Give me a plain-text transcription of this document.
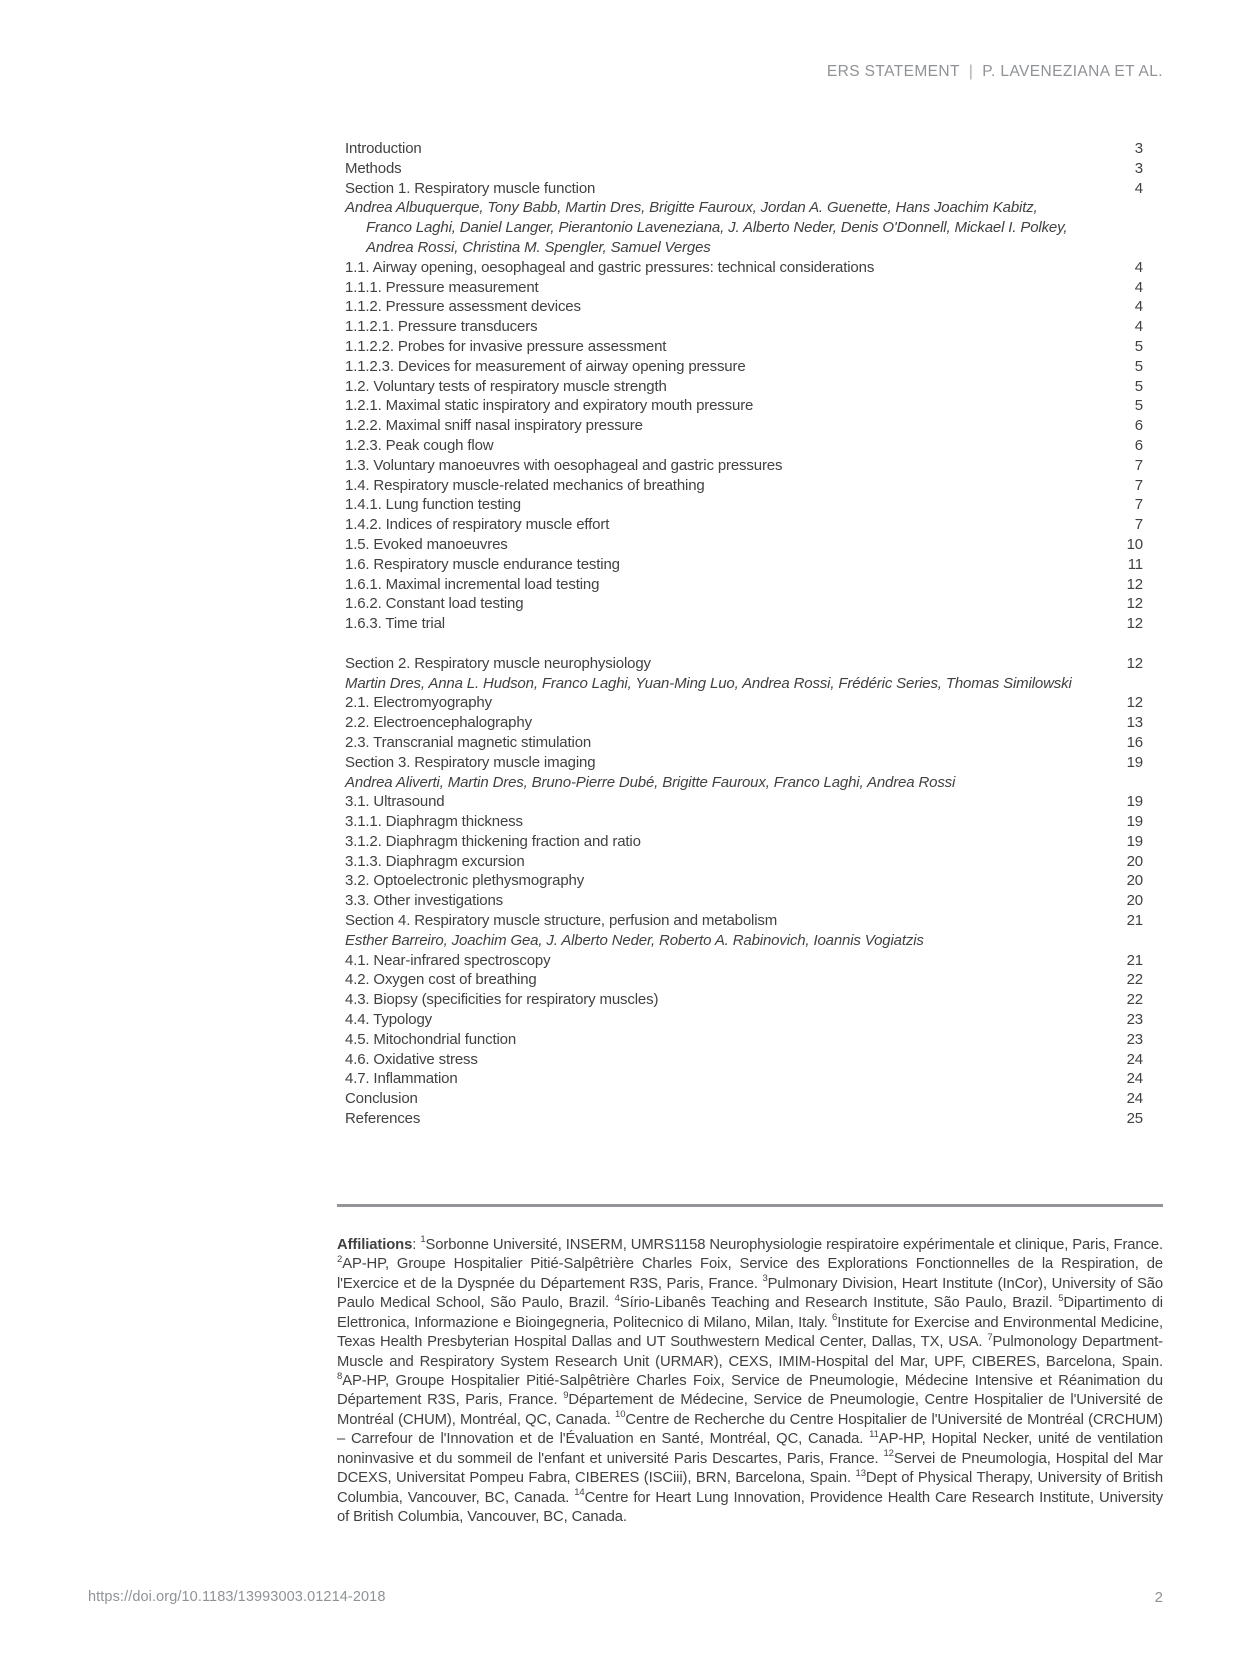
ERS STATEMENT | P. LAVENEZIANA ET AL.
Introduction	3
Methods	3
Section 1. Respiratory muscle function	4
Andrea Albuquerque, Tony Babb, Martin Dres, Brigitte Fauroux, Jordan A. Guenette, Hans Joachim Kabitz,
Franco Laghi, Daniel Langer, Pierantonio Laveneziana, J. Alberto Neder, Denis O'Donnell, Mickael I. Polkey,
Andrea Rossi, Christina M. Spengler, Samuel Verges
1.1. Airway opening, oesophageal and gastric pressures: technical considerations	4
1.1.1. Pressure measurement	4
1.1.2. Pressure assessment devices	4
1.1.2.1. Pressure transducers	4
1.1.2.2. Probes for invasive pressure assessment	5
1.1.2.3. Devices for measurement of airway opening pressure	5
1.2. Voluntary tests of respiratory muscle strength	5
1.2.1. Maximal static inspiratory and expiratory mouth pressure	5
1.2.2. Maximal sniff nasal inspiratory pressure	6
1.2.3. Peak cough flow	6
1.3. Voluntary manoeuvres with oesophageal and gastric pressures	7
1.4. Respiratory muscle-related mechanics of breathing	7
1.4.1. Lung function testing	7
1.4.2. Indices of respiratory muscle effort	7
1.5. Evoked manoeuvres	10
1.6. Respiratory muscle endurance testing	11
1.6.1. Maximal incremental load testing	12
1.6.2. Constant load testing	12
1.6.3. Time trial	12
Section 2. Respiratory muscle neurophysiology	12
Martin Dres, Anna L. Hudson, Franco Laghi, Yuan-Ming Luo, Andrea Rossi, Frédéric Series, Thomas Similowski
2.1. Electromyography	12
2.2. Electroencephalography	13
2.3. Transcranial magnetic stimulation	16
Section 3. Respiratory muscle imaging	19
Andrea Aliverti, Martin Dres, Bruno-Pierre Dubé, Brigitte Fauroux, Franco Laghi, Andrea Rossi
3.1. Ultrasound	19
3.1.1. Diaphragm thickness	19
3.1.2. Diaphragm thickening fraction and ratio	19
3.1.3. Diaphragm excursion	20
3.2. Optoelectronic plethysmography	20
3.3. Other investigations	20
Section 4. Respiratory muscle structure, perfusion and metabolism	21
Esther Barreiro, Joachim Gea, J. Alberto Neder, Roberto A. Rabinovich, Ioannis Vogiatzis
4.1. Near-infrared spectroscopy	21
4.2. Oxygen cost of breathing	22
4.3. Biopsy (specificities for respiratory muscles)	22
4.4. Typology	23
4.5. Mitochondrial function	23
4.6. Oxidative stress	24
4.7. Inflammation	24
Conclusion	24
References	25

Affiliations: $^1$Sorbonne Université, INSERM, UMRS1158 Neurophysiologie respiratoire expérimentale et clinique, Paris, France. $^2$AP-HP, Groupe Hospitalier Pitié-Salpêtrière Charles Foix, Service des Explorations Fonctionnelles de la Respiration, de l'Exercice et de la Dyspnée du Département R3S, Paris, France. $^3$Pulmonary Division, Heart Institute (InCor), University of São Paulo Medical School, São Paulo, Brazil. $^4$Sírio-Libanês Teaching and Research Institute, São Paulo, Brazil. $^5$Dipartimento di Elettronica, Informazione e Bioingegneria, Politecnico di Milano, Milan, Italy. $^6$Institute for Exercise and Environmental Medicine, Texas Health Presbyterian Hospital Dallas and UT Southwestern Medical Center, Dallas, TX, USA. $^7$Pulmonology Department-Muscle and Respiratory System Research Unit (URMAR), CEXS, IMIM-Hospital del Mar, UPF, CIBERES, Barcelona, Spain. $^8$AP-HP, Groupe Hospitalier Pitié-Salpêtrière Charles Foix, Service de Pneumologie, Médecine Intensive et Réanimation du Département R3S, Paris, France. $^9$Département de Médecine, Service de Pneumologie, Centre Hospitalier de l'Université de Montréal (CHUM), Montréal, QC, Canada. $^{10}$Centre de Recherche du Centre Hospitalier de l'Université de Montréal (CRCHUM) – Carrefour de l'Innovation et de l'Évaluation en Santé, Montréal, QC, Canada. $^{11}$AP-HP, Hopital Necker, unité de ventilation noninvasive et du sommeil de l'enfant et université Paris Descartes, Paris, France. $^{12}$Servei de Pneumologia, Hospital del Mar DCEXS, Universitat Pompeu Fabra, CIBERES (ISCiii), BRN, Barcelona, Spain. $^{13}$Dept of Physical Therapy, University of British Columbia, Vancouver, BC, Canada. $^{14}$Centre for Heart Lung Innovation, Providence Health Care Research Institute, University of British Columbia, Vancouver, BC, Canada.

https://doi.org/10.1183/13993003.01214-2018	2
